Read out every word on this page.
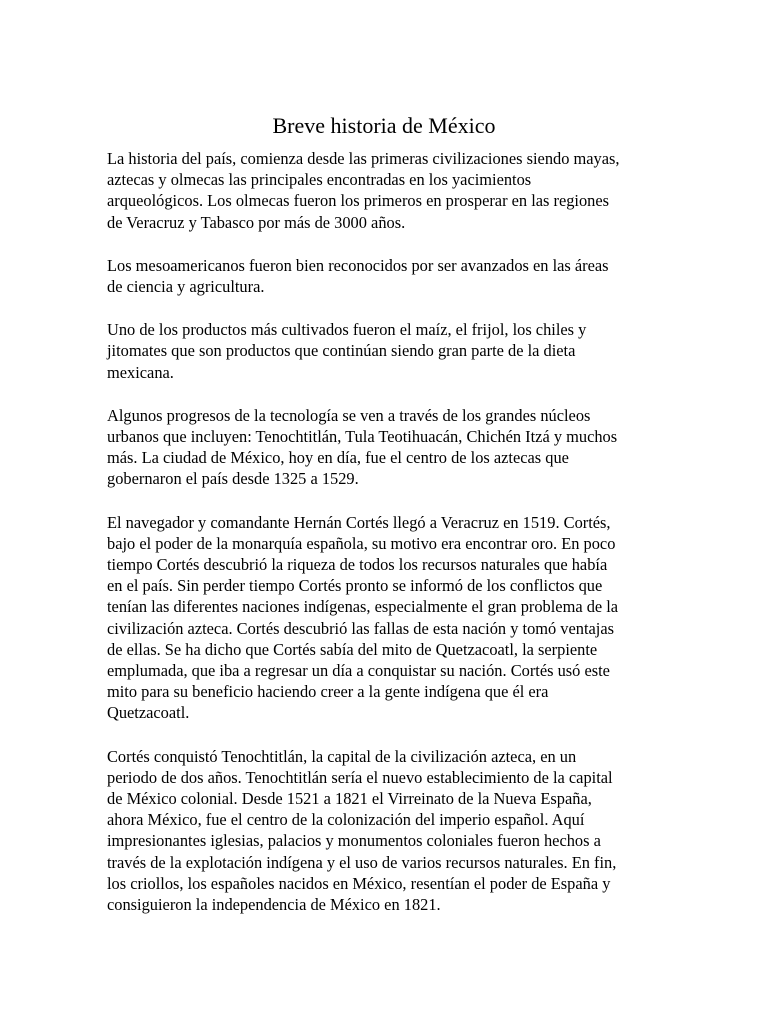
Breve historia de México

La historia del país, comienza desde las primeras civilizaciones siendo mayas,
aztecas y olmecas las principales encontradas en los yacimientos
arqueológicos. Los olmecas fueron los primeros en prosperar en las regiones
de Veracruz y Tabasco por más de 3000 años.

Los mesoamericanos fueron bien reconocidos por ser avanzados en las áreas
de ciencia y agricultura.

Uno de los productos más cultivados fueron el maíz, el frijol, los chiles y
jitomates que son productos que continúan siendo gran parte de la dieta
mexicana.

Algunos progresos de la tecnología se ven a través de los grandes núcleos
urbanos que incluyen: Tenochtitlán, Tula Teotihuacán, Chichén Itzá y muchos
más. La ciudad de México, hoy en día, fue el centro de los aztecas que
gobernaron el país desde 1325 a 1529.

El navegador y comandante Hernán Cortés llegó a Veracruz en 1519. Cortés,
bajo el poder de la monarquía española, su motivo era encontrar oro. En poco
tiempo Cortés descubrió la riqueza de todos los recursos naturales que había
en el país. Sin perder tiempo Cortés pronto se informó de los conflictos que
tenían las diferentes naciones indígenas, especialmente el gran problema de la
civilización azteca. Cortés descubrió las fallas de esta nación y tomó ventajas
de ellas. Se ha dicho que Cortés sabía del mito de Quetzacoatl, la serpiente
emplumada, que iba a regresar un día a conquistar su nación. Cortés usó este
mito para su beneficio haciendo creer a la gente indígena que él era
Quetzacoatl.

Cortés conquistó Tenochtitlán, la capital de la civilización azteca, en un
periodo de dos años. Tenochtitlán sería el nuevo establecimiento de la capital
de México colonial. Desde 1521 a 1821 el Virreinato de la Nueva España,
ahora México, fue el centro de la colonización del imperio español. Aquí
impresionantes iglesias, palacios y monumentos coloniales fueron hechos a
través de la explotación indígena y el uso de varios recursos naturales. En fin,
los criollos, los españoles nacidos en México, resentían el poder de España y
consiguieron la independencia de México en 1821.
